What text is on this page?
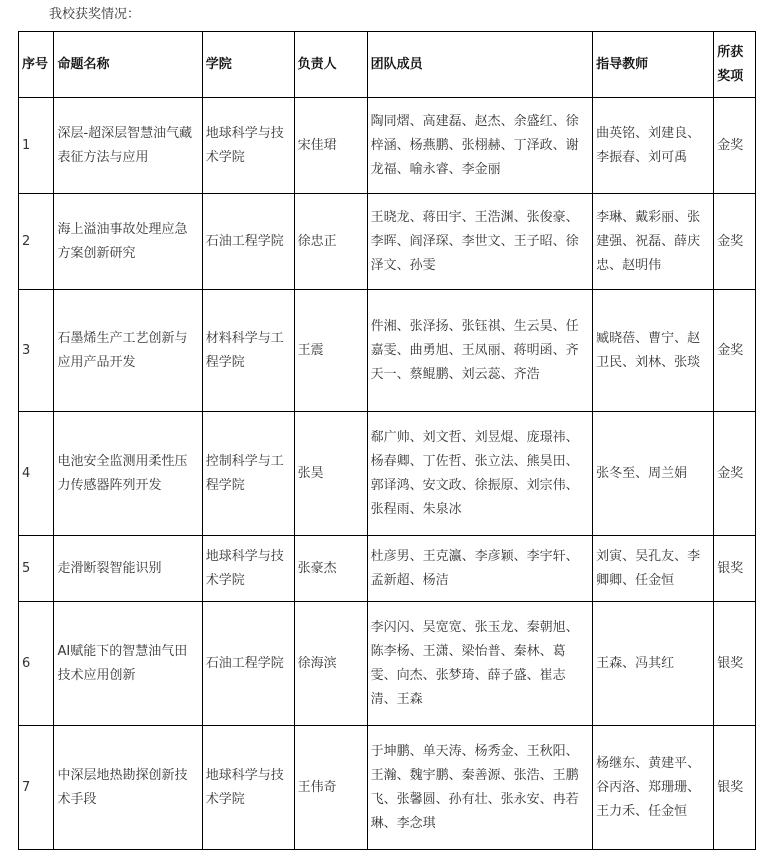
我校获奖情况：
序号	命题名称	学院	负责人	团队成员	指导教师	所获奖项
1	深层-超深层智慧油气藏表征方法与应用	地球科学与技术学院	宋佳珺	陶同熠、高建磊、赵杰、余盛红、徐梓涵、杨燕鹏、张栩赫、丁泽政、谢龙福、喻永睿、李金丽	曲英铭、刘建良、李振春、刘可禹	金奖
2	海上溢油事故处理应急方案创新研究	石油工程学院	徐忠正	王晓龙、蒋田宇、王浩渊、张俊豪、李晖、阎泽琛、李世文、王子昭、徐泽文、孙雯	李琳、戴彩丽、张建强、祝磊、薛庆忠、赵明伟	金奖
3	石墨烯生产工艺创新与应用产品开发	材料科学与工程学院	王震	件湘、张泽扬、张钰祺、生云昊、任嘉雯、曲勇旭、王凤丽、蒋明函、齐天一、蔡鲲鹏、刘云蕊、齐浩	臧晓蓓、曹宁、赵卫民、刘林、张琰	金奖
4	电池安全监测用柔性压力传感器阵列开发	控制科学与工程学院	张昊	郗广帅、刘文哲、刘昱焜、庞璟祎、杨春卿、丁佐哲、张立法、熊昊田、郭译鸿、安文政、徐振原、刘宗伟、张程雨、朱泉冰	张冬至、周兰娟	金奖
5	走滑断裂智能识别	地球科学与技术学院	张豪杰	杜彦男、王克瀛、李彦颖、李宇轩、孟新超、杨洁	刘寅、吴孔友、李卿卿、任金恒	银奖
6	AI赋能下的智慧油气田技术应用创新	石油工程学院	徐海滨	李闪闪、吴宽宽、张玉龙、秦朝旭、陈李杨、王潇、梁怡普、秦林、葛雯、向杰、张梦琦、薛子盛、崔志清、王森	王森、冯其红	银奖
7	中深层地热勘探创新技术手段	地球科学与技术学院	王伟奇	于坤鹏、单天涛、杨秀金、王秋阳、王瀚、魏宇鹏、秦善源、张浩、王鹏飞、张馨圆、孙有壮、张永安、冉若琳、李念琪	杨继东、黄建平、谷丙洛、郑珊珊、王力禾、任金恒	银奖
